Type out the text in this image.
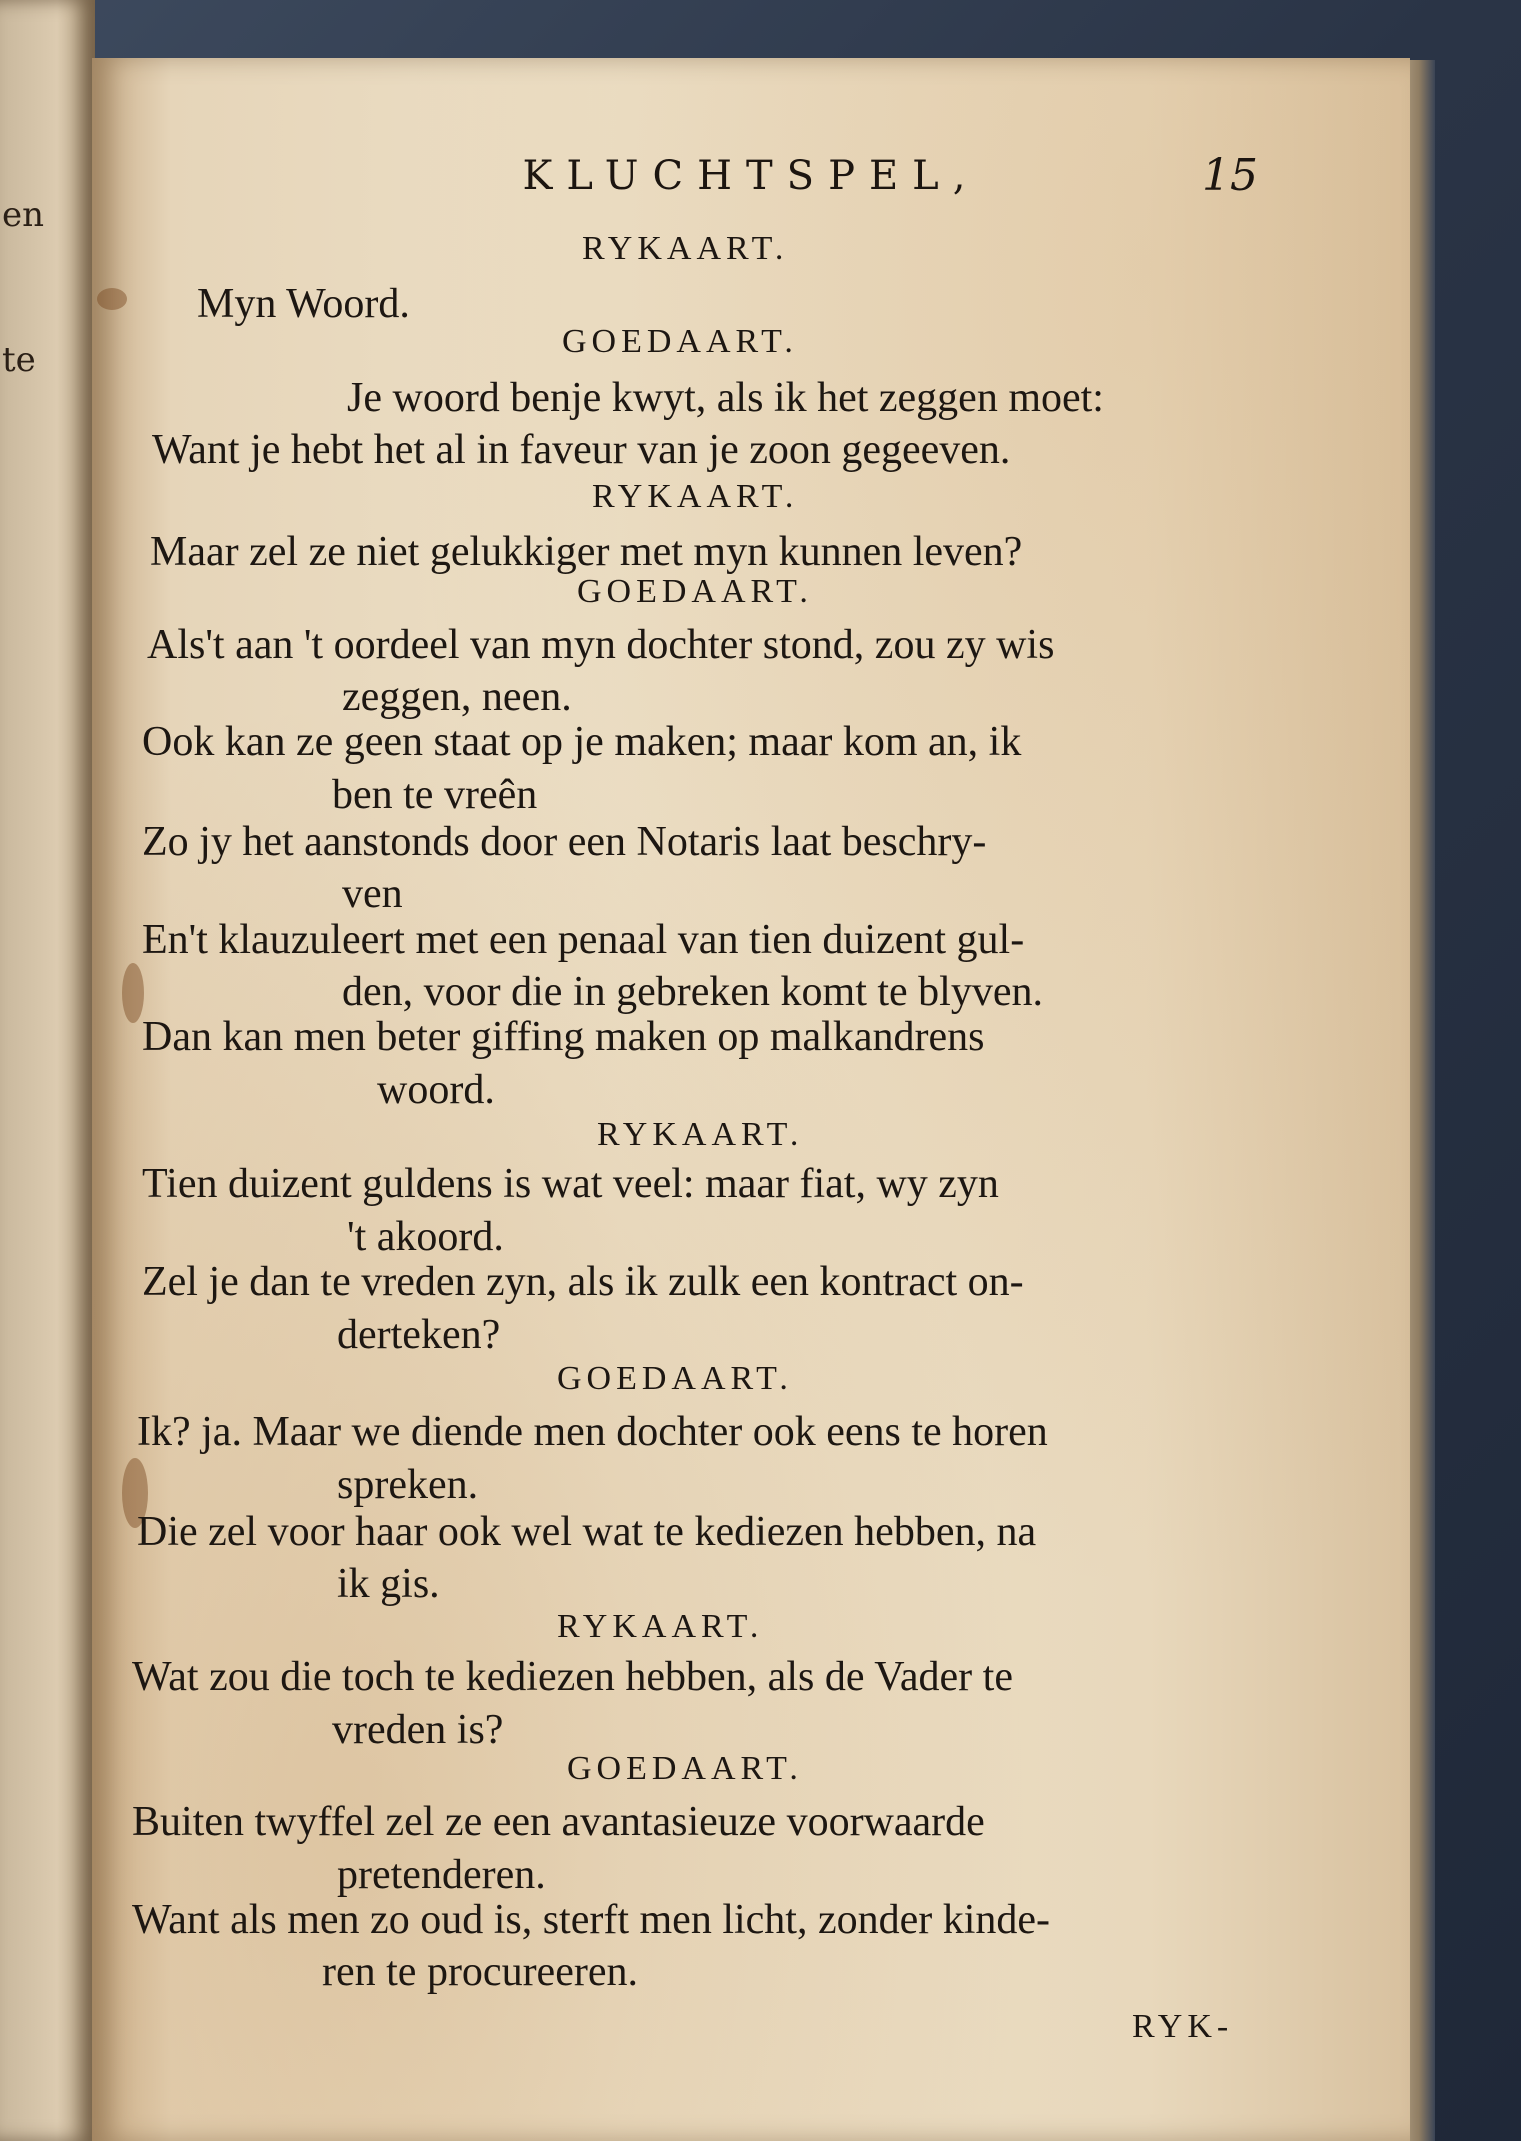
en
te
KLUCHTSPEL,	15
RYKAART.
Myn Woord.
GOEDAART.
Je woord benje kwyt, als ik het zeggen moet:
Want je hebt het al in faveur van je zoon gegeeven.
RYKAART.
Maar zel ze niet gelukkiger met myn kunnen leven?
GOEDAART.
Als't aan 't oordeel van myn dochter stond, zou zy wis
zeggen, neen.
Ook kan ze geen staat op je maken; maar kom an, ik
ben te vreên
Zo jy het aanstonds door een Notaris laat beschry-
ven
En't klauzuleert met een penaal van tien duizent gul-
den, voor die in gebreken komt te blyven.
Dan kan men beter giffing maken op malkandrens
woord.
RYKAART.
Tien duizent guldens is wat veel: maar fiat, wy zyn
't akoord.
Zel je dan te vreden zyn, als ik zulk een kontract on-
derteken?
GOEDAART.
Ik? ja. Maar we diende men dochter ook eens te horen
spreken.
Die zel voor haar ook wel wat te kediezen hebben, na
ik gis.
RYKAART.
Wat zou die toch te kediezen hebben, als de Vader te
vreden is?
GOEDAART.
Buiten twyffel zel ze een avantasieuze voorwaarde
pretenderen.
Want als men zo oud is, sterft men licht, zonder kinde-
ren te procureeren.
RYK-
